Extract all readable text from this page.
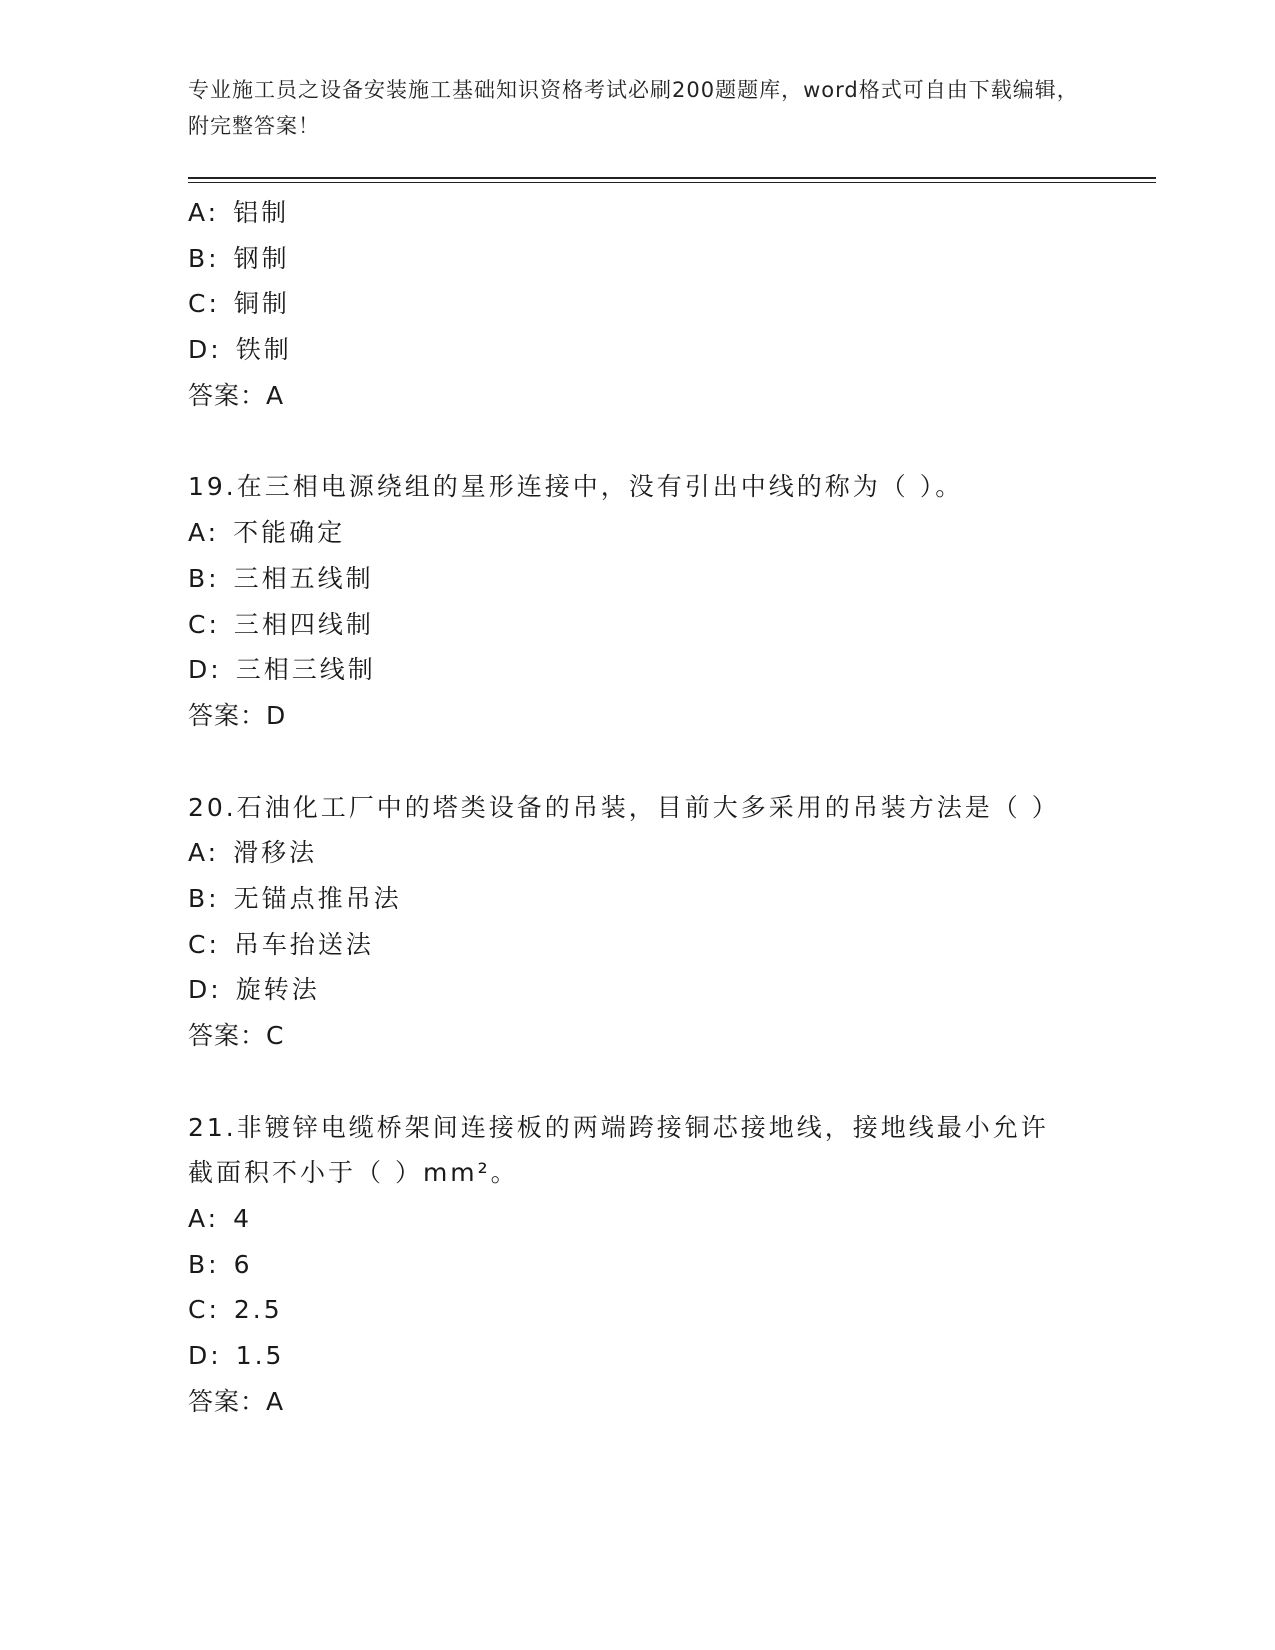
专业施工员之设备安装施工基础知识资格考试必刷200题题库，word格式可自由下载编辑，附完整答案！
A: 铝制
B: 钢制
C: 铜制
D: 铁制
答案：A
19.在三相电源绕组的星形连接中，没有引出中线的称为（ ）。
A: 不能确定
B: 三相五线制
C: 三相四线制
D: 三相三线制
答案：D
20.石油化工厂中的塔类设备的吊装，目前大多采用的吊装方法是（ ）
A: 滑移法
B: 无锚点推吊法
C: 吊车抬送法
D: 旋转法
答案：C
21.非镀锌电缆桥架间连接板的两端跨接铜芯接地线，接地线最小允许截面积不小于（ ）mm²。
A: 4
B: 6
C: 2.5
D: 1.5
答案：A
